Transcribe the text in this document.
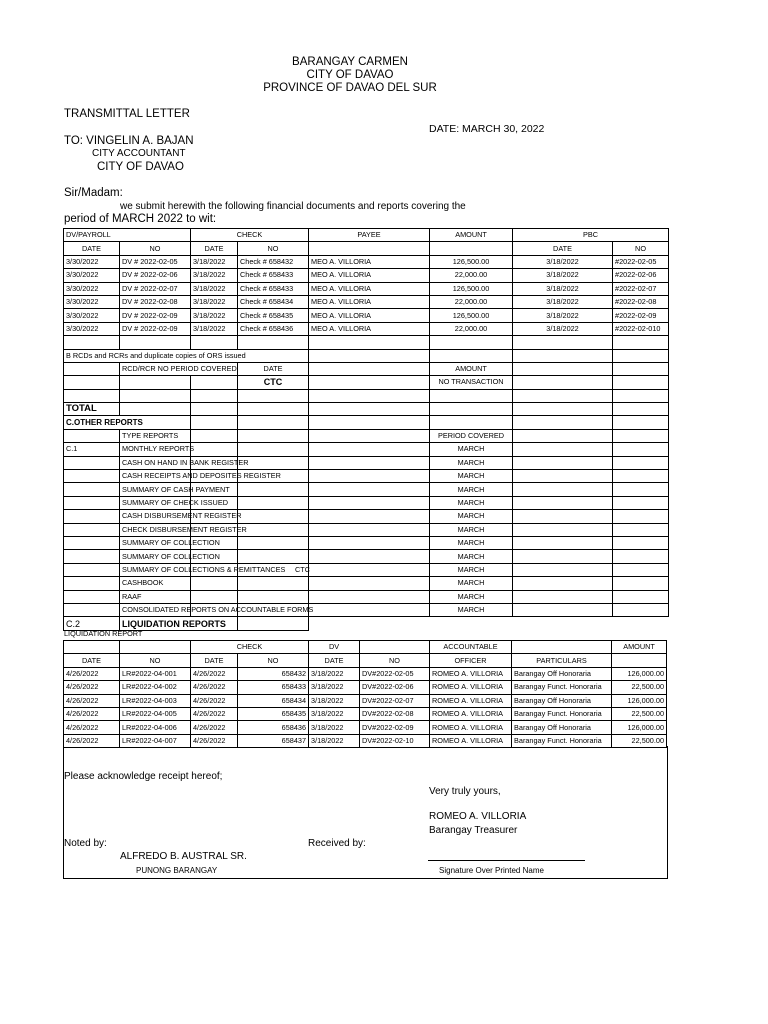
BARANGAY CARMEN
CITY OF DAVAO
PROVINCE OF DAVAO DEL SUR
TRANSMITTAL LETTER
DATE: MARCH 30, 2022
TO: VINGELIN A. BAJAN
CITY ACCOUNTANT
CITY OF DAVAO
Sir/Madam:
we submit herewith the following financial documents and reports covering the
period of MARCH 2022 to wit:
DV/PAYROLL		CHECK		PAYEE	AMOUNT	PBC	
DATE	NO	DATE	NO			DATE	NO
3/30/2022	DV # 2022-02-05	3/18/2022	Check # 658432	MEO A. VILLORIA	126,500.00	3/18/2022	#2022-02-05
3/30/2022	DV # 2022-02-06	3/18/2022	Check # 658433	MEO A. VILLORIA	22,000.00	3/18/2022	#2022-02-06
3/30/2022	DV # 2022-02-07	3/18/2022	Check # 658433	MEO A. VILLORIA	126,500.00	3/18/2022	#2022-02-07
3/30/2022	DV # 2022-02-08	3/18/2022	Check # 658434	MEO A. VILLORIA	22,000.00	3/18/2022	#2022-02-08
3/30/2022	DV # 2022-02-09	3/18/2022	Check # 658435	MEO A. VILLORIA	126,500.00	3/18/2022	#2022-02-09
3/30/2022	DV # 2022-02-09	3/18/2022	Check # 658436	MEO A. VILLORIA	22,000.00	3/18/2022	#2022-02-010

B RCDs and RCRs and duplicate copies of ORS issued							
	RCD/RCR NO PERIOD COVERED		DATE		AMOUNT		
			CTC		NO TRANSACTION		

TOTAL							
C.OTHER REPORTS							
	TYPE REPORTS				PERIOD COVERED		
C.1	MONTHLY REPORTS				MARCH		
	CASH ON HAND IN BANK REGISTER				MARCH		
	CASH RECEIPTS AND DEPOSITES REGISTER				MARCH		
	SUMMARY OF CASH PAYMENT				MARCH		
	SUMMARY OF CHECK ISSUED				MARCH		
	CASH DISBURSEMENT REGISTER				MARCH		
	CHECK DISBURSEMENT REGISTER				MARCH		
	SUMMARY OF COLLECTION				MARCH		
	SUMMARY OF COLLECTION				MARCH		
	SUMMARY OF COLLECTIONS & REMITTANCES CTC				MARCH		
	CASHBOOK				MARCH		
	RAAF				MARCH		
	CONSOLIDATED REPORTS ON ACCOUNTABLE FORMS				MARCH		
C.2	LIQUIDATION REPORTS						
LIQUIDATION REPORT
		CHECK		DV		ACCOUNTABLE		AMOUNT
DATE	NO	DATE	NO	DATE	NO	OFFICER	PARTICULARS	
4/26/2022	LR#2022-04-001	4/26/2022	658432	3/18/2022	DV#2022-02-05	ROMEO A. VILLORIA	Barangay Off Honoraria	126,000.00
4/26/2022	LR#2022-04-002	4/26/2022	658433	3/18/2022	DV#2022-02-06	ROMEO A. VILLORIA	Barangay Funct. Honoraria	22,500.00
4/26/2022	LR#2022-04-003	4/26/2022	658434	3/18/2022	DV#2022-02-07	ROMEO A. VILLORIA	Barangay Off Honoraria	126,000.00
4/26/2022	LR#2022-04-005	4/26/2022	658435	3/18/2022	DV#2022-02-08	ROMEO A. VILLORIA	Barangay Funct. Honoraria	22,500.00
4/26/2022	LR#2022-04-006	4/26/2022	658436	3/18/2022	DV#2022-02-09	ROMEO A. VILLORIA	Barangay Off Honoraria	126,000.00
4/26/2022	LR#2022-04-007	4/26/2022	658437	3/18/2022	DV#2022-02-10	ROMEO A. VILLORIA	Barangay Funct. Honoraria	22,500.00
Please acknowledge receipt hereof;
Very truly yours,
ROMEO A. VILLORIA
Barangay Treasurer
Noted by:	Received by:
ALFREDO B. AUSTRAL SR.
PUNONG BARANGAY	Signature Over Printed Name
